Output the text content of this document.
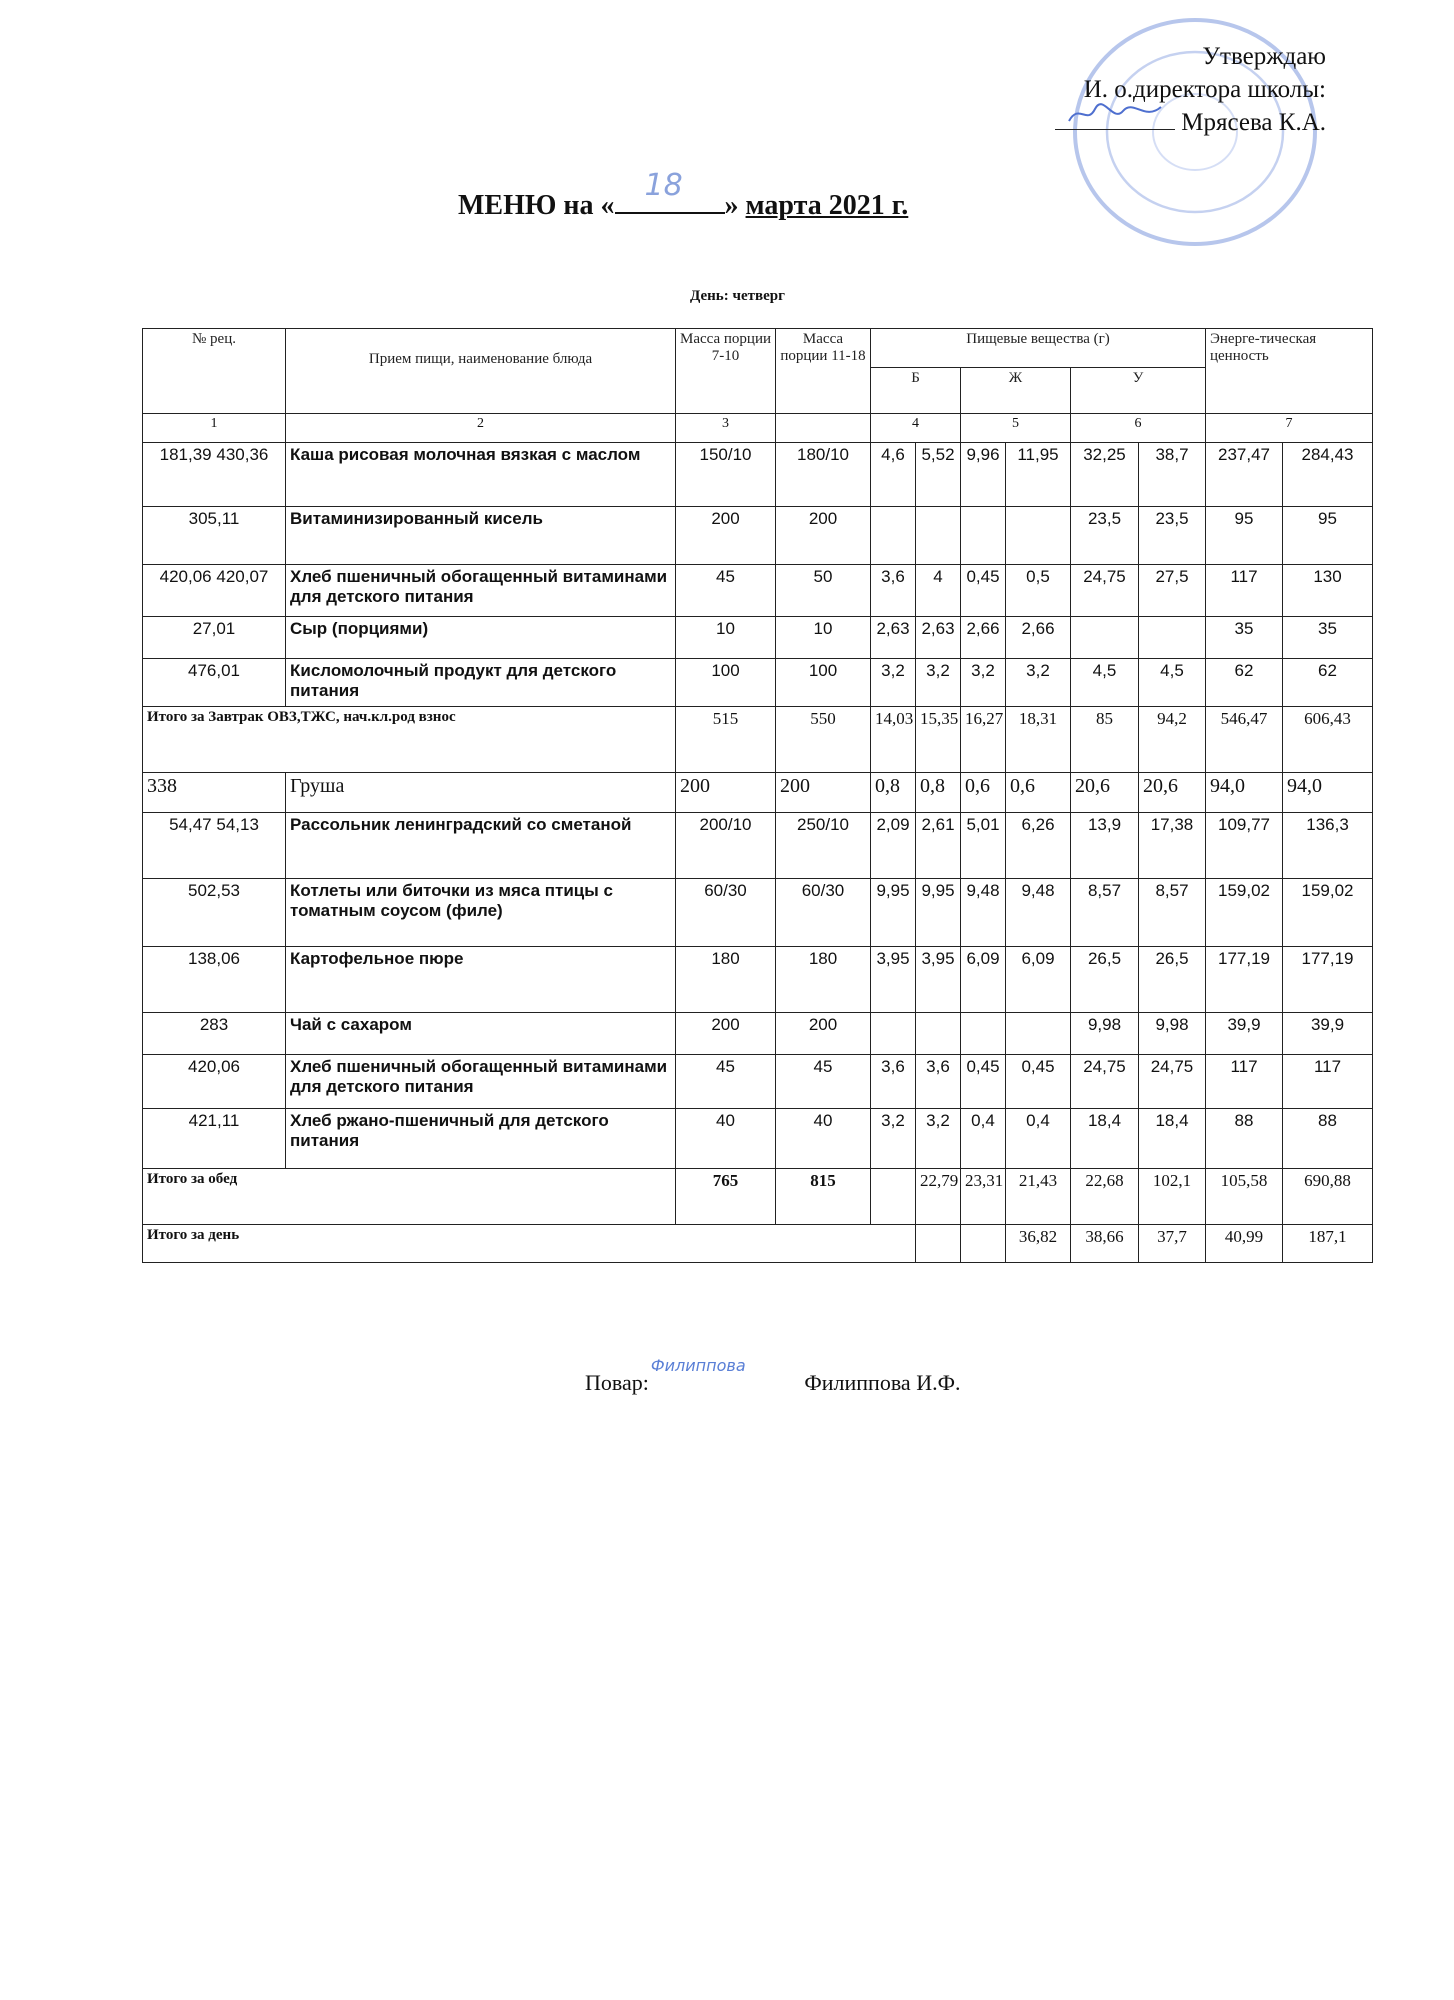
Утверждаю
И. о.директора школы:
Мрясева К.А.
МЕНЮ на «
18
» марта 2021 г.
День: четверг
№ рец.	Прием пищи, наименование блюда	Масса порции 7-10	Масса порции 11-18	Пищевые вещества (г)						Энерге-тическая ценность	
				Б		Ж		У			
1	2	3		4		5		6		7	
181,39 430,36	Каша рисовая молочная вязкая с маслом	150/10	180/10	4,6	5,52	9,96	11,95	32,25	38,7	237,47	284,43
305,11	Витаминизированный кисель	200	200					23,5	23,5	95	95
420,06 420,07	Хлеб пшеничный обогащенный витаминами для детского питания	45	50	3,6	4	0,45	0,5	24,75	27,5	117	130
27,01	Сыр (порциями)	10	10	2,63	2,63	2,66	2,66			35	35
476,01	Кисломолочный продукт для детского питания	100	100	3,2	3,2	3,2	3,2	4,5	4,5	62	62
Итого за Завтрак ОВЗ,ТЖС, нач.кл.род взнос		515	550	14,03	15,35	16,27	18,31	85	94,2	546,47	606,43
338	Груша	200	200	0,8	0,8	0,6	0,6	20,6	20,6	94,0	94,0
54,47 54,13	Рассольник ленинградский со сметаной	200/10	250/10	2,09	2,61	5,01	6,26	13,9	17,38	109,77	136,3
502,53	Котлеты или биточки из мяса птицы с томатным соусом (филе)	60/30	60/30	9,95	9,95	9,48	9,48	8,57	8,57	159,02	159,02
138,06	Картофельное пюре	180	180	3,95	3,95	6,09	6,09	26,5	26,5	177,19	177,19
283	Чай с сахаром	200	200					9,98	9,98	39,9	39,9
420,06	Хлеб пшеничный обогащенный витаминами для детского питания	45	45	3,6	3,6	0,45	0,45	24,75	24,75	117	117
421,11	Хлеб ржано-пшеничный для детского питания	40	40	3,2	3,2	0,4	0,4	18,4	18,4	88	88
Итого за обед		765	815		22,79	23,31	21,43	22,68	102,1	105,58	690,88
Итого за день							36,82	38,66	37,7	40,99	187,1
Повар:
Филиппова
Филиппова И.Ф.
